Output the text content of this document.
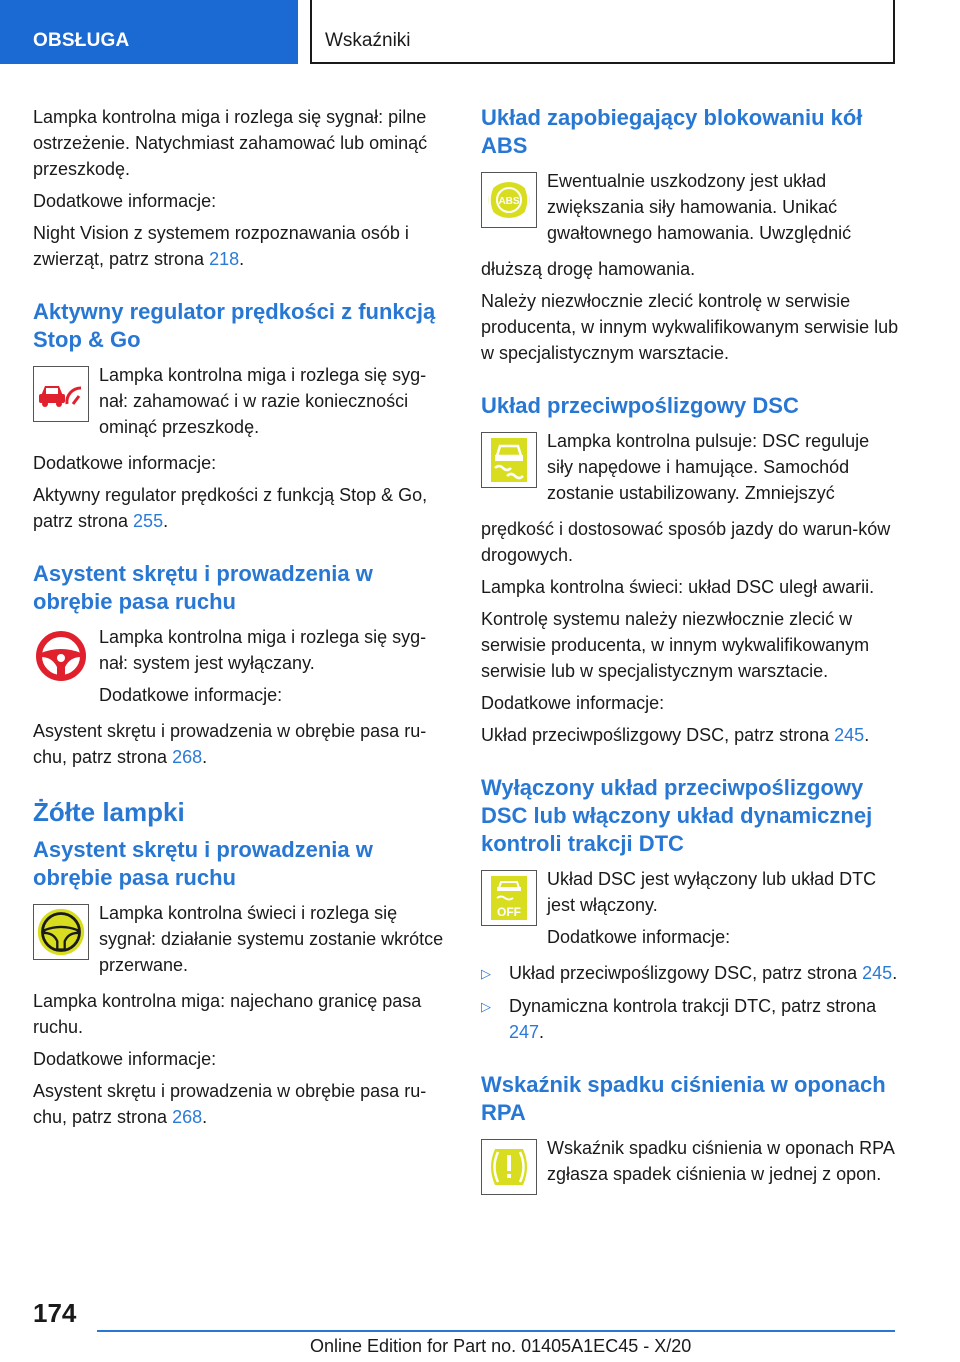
OBSŁUGA	Wskaźniki

Lampka kontrolna miga i rozlega się sygnał: pilne ostrzeżenie. Natychmiast zahamować lub ominąć przeszkodę.

Dodatkowe informacje:

Night Vision z systemem rozpoznawania osób i zwierząt, patrz strona 218.

Aktywny regulator prędkości z funkcją Stop & Go

Lampka kontrolna miga i rozlega się syg-nał: zahamować i w razie konieczności ominąć przeszkodę.

Dodatkowe informacje:

Aktywny regulator prędkości z funkcją Stop & Go, patrz strona 255.

Asystent skrętu i prowadzenia w obrębie pasa ruchu

Lampka kontrolna miga i rozlega się syg-nał: system jest wyłączany.

Dodatkowe informacje:

Asystent skrętu i prowadzenia w obrębie pasa ru-chu, patrz strona 268.

Żółte lampki
Asystent skrętu i prowadzenia w obrębie pasa ruchu

Lampka kontrolna świeci i rozlega się sygnał: działanie systemu zostanie wkrótce przerwane.

Lampka kontrolna miga: najechano granicę pasa ruchu.

Dodatkowe informacje:

Asystent skrętu i prowadzenia w obrębie pasa ru-chu, patrz strona 268.

Układ zapobiegający blokowaniu kół ABS
ABS

Ewentualnie uszkodzony jest układ zwiększania siły hamowania. Unikać gwałtownego hamowania. Uwzględnić

dłuższą drogę hamowania.

Należy niezwłocznie zlecić kontrolę w serwisie producenta, w innym wykwalifikowanym serwisie lub w specjalistycznym warsztacie.

Układ przeciwpoślizgowy DSC

Lampka kontrolna pulsuje: DSC reguluje siły napędowe i hamujące. Samochód zostanie ustabilizowany. Zmniejszyć

prędkość i dostosować sposób jazdy do warun-ków drogowych.

Lampka kontrolna świeci: układ DSC uległ awarii.

Kontrolę systemu należy niezwłocznie zlecić w serwisie producenta, w innym wykwalifikowanym serwisie lub w specjalistycznym warsztacie.

Dodatkowe informacje:

Układ przeciwpoślizgowy DSC, patrz strona 245.

Wyłączony układ przeciwpoślizgowy DSC lub włączony układ dynamicznej kontroli trakcji DTC
OFF

Układ DSC jest wyłączony lub układ DTC jest włączony.

Dodatkowe informacje:

▷	Układ przeciwpoślizgowy DSC, patrz strona 245.
▷	Dynamiczna kontrola trakcji DTC, patrz strona 247.
Wskaźnik spadku ciśnienia w oponach RPA

Wskaźnik spadku ciśnienia w oponach RPA zgłasza spadek ciśnienia w jednej z opon.

174
Online Edition for Part no. 01405A1EC45 - X/20
